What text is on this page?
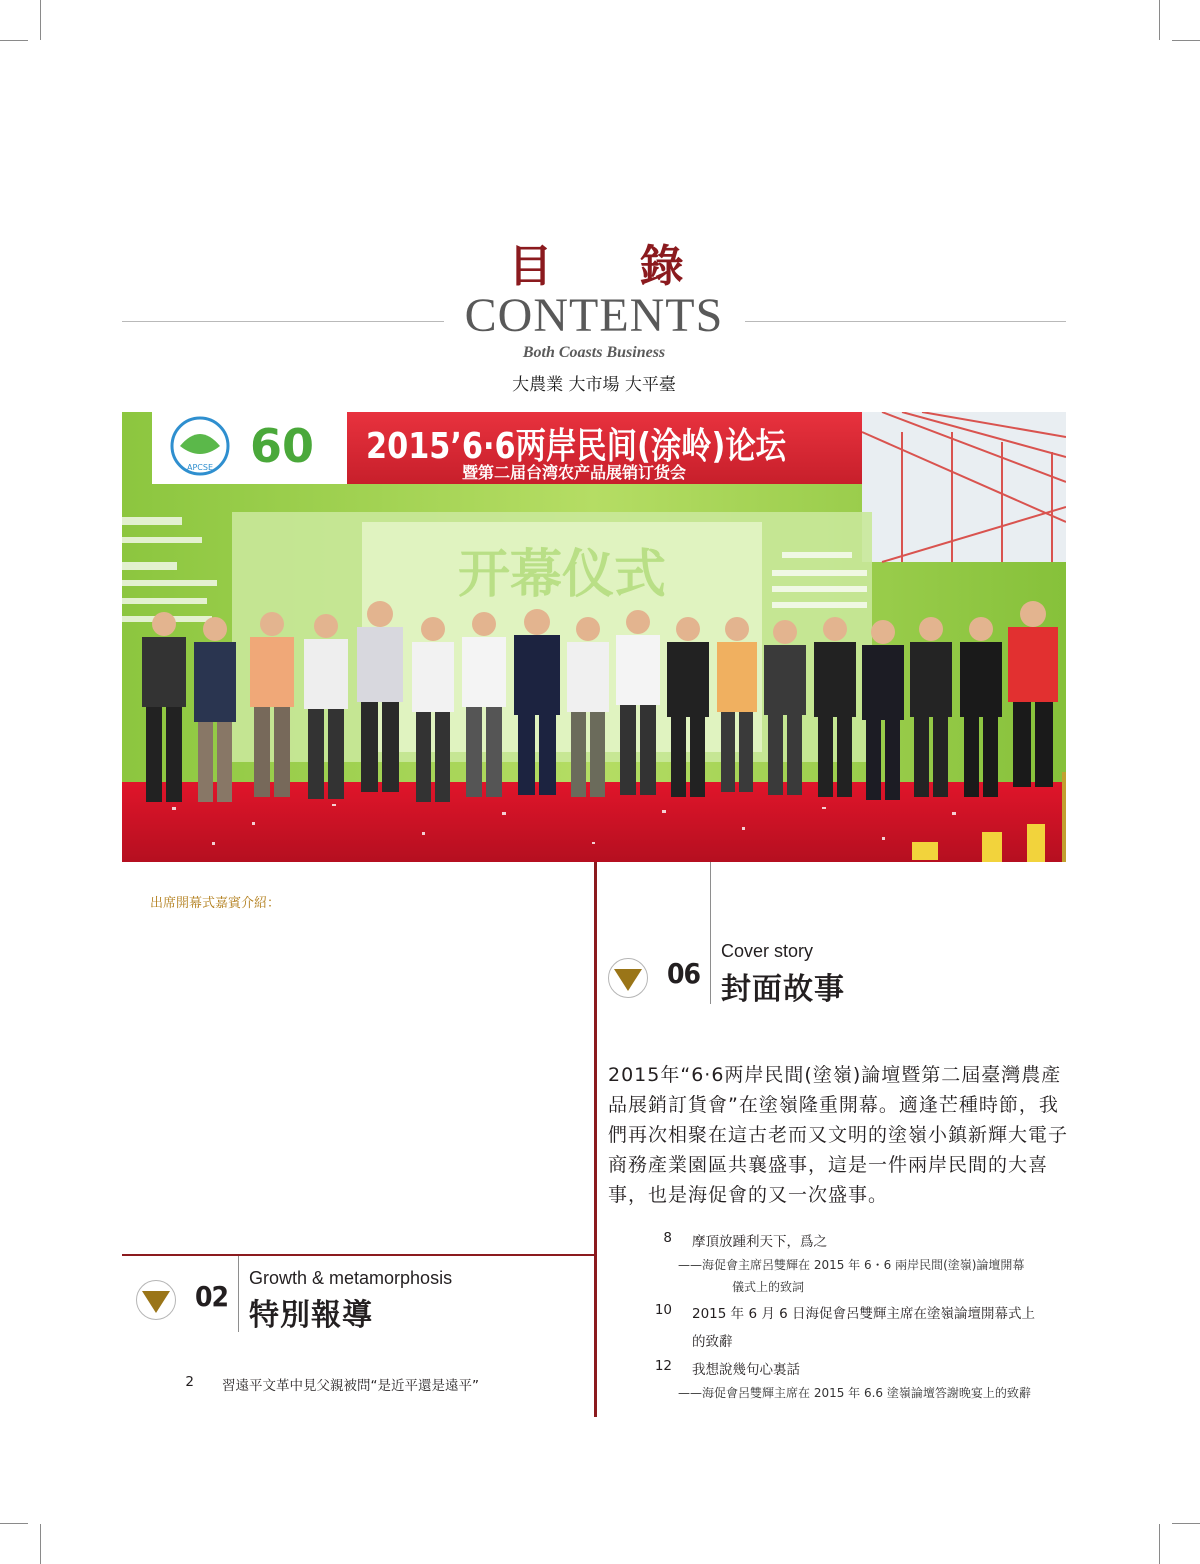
目 錄
CONTENTS
Both Coasts Business
大農業 大市場 大平臺
APCSE 60 2015’6·6两岸民间(涂岭)论坛
暨第二届台湾农产品展销订货会
开幕仪式
出席開幕式嘉賓介紹：
06
Cover story
封面故事
2015年“6·6两岸民間(塗嶺)論壇暨第二屆臺灣農產品展銷訂貨會”在塗嶺隆重開幕。適逢芒種時節，我們再次相聚在這古老而又文明的塗嶺小鎮新輝大電子商務產業園區共襄盛事，這是一件兩岸民間的大喜事，也是海促會的又一次盛事。
8 摩頂放踵利天下，爲之
——海促會主席呂雙輝在 2015 年 6・6 兩岸民間(塗嶺)論壇開幕
儀式上的致詞
10 2015 年 6 月 6 日海促會呂雙輝主席在塗嶺論壇開幕式上
的致辭
12 我想說幾句心裏話
——海促會呂雙輝主席在 2015 年 6.6 塗嶺論壇答謝晚宴上的致辭
02
Growth & metamorphosis
特別報導
2 習遠平文革中見父親被問“是近平還是遠平”
